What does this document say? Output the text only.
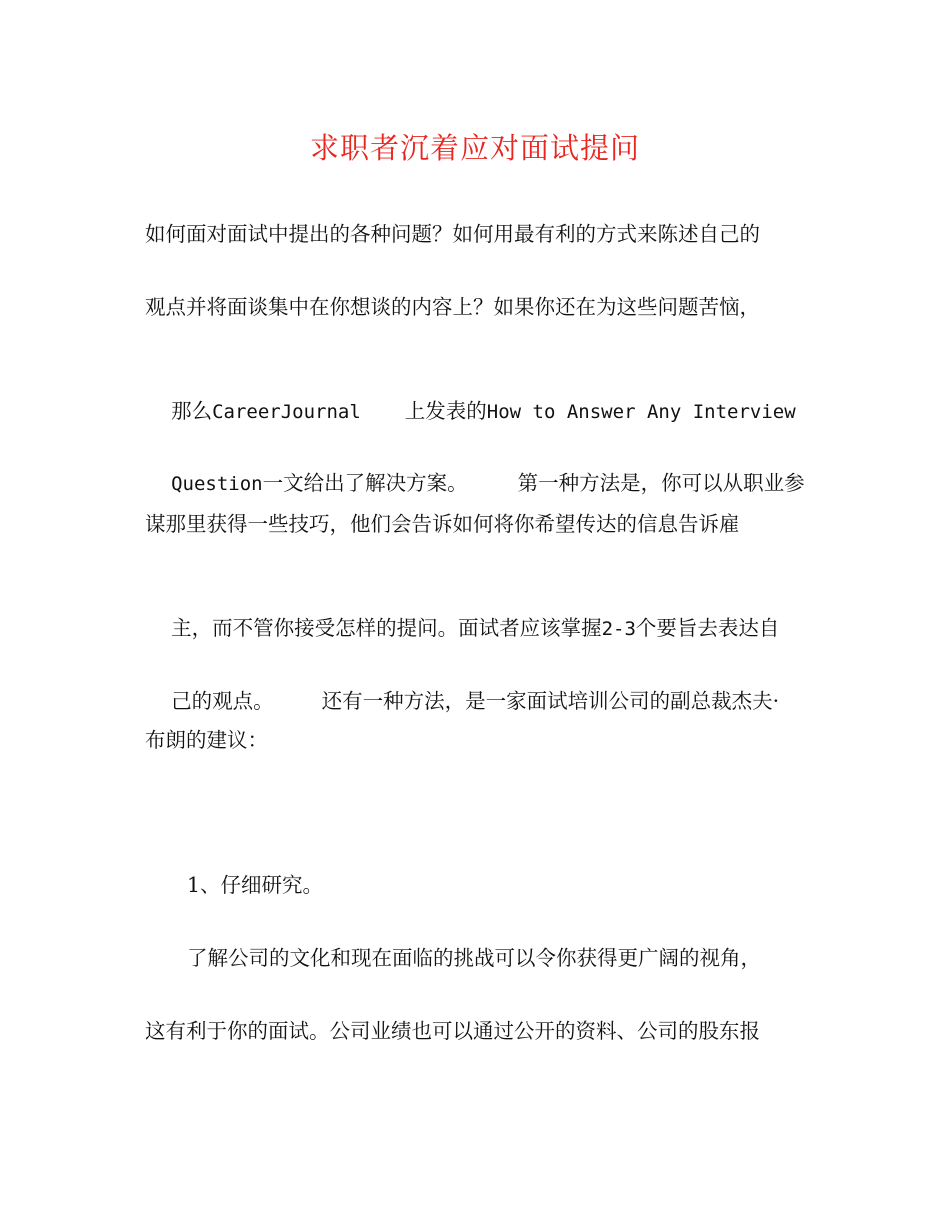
求职者沉着应对面试提问
如何面对面试中提出的各种问题？如何用最有利的方式来陈述自己的
观点并将面谈集中在你想谈的内容上？如果你还在为这些问题苦恼，

那么CareerJournal 上发表的How to Answer Any Interview

Question一文给出了解决方案。 第一种方法是，你可以从职业参

谋那里获得一些技巧，他们会告诉如何将你希望传达的信息告诉雇

主，而不管你接受怎样的提问。面试者应该掌握2-3个要旨去表达自

己的观点。 还有一种方法，是一家面试培训公司的副总裁杰夫·

布朗的建议：
1、仔细研究。
了解公司的文化和现在面临的挑战可以令你获得更广阔的视角，
这有利于你的面试。公司业绩也可以通过公开的资料、公司的股东报
